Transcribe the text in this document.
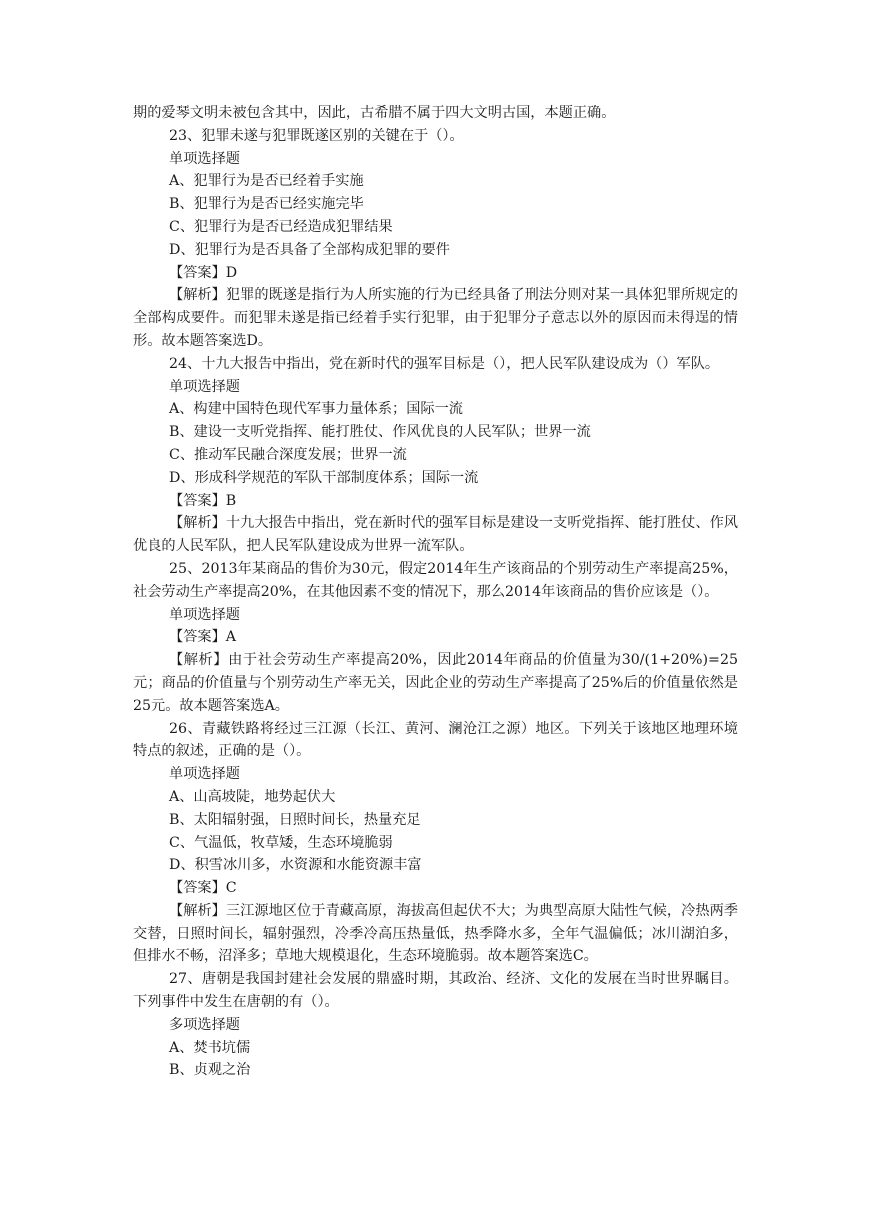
期的爱琴文明未被包含其中，因此，古希腊不属于四大文明古国，本题正确。

23、犯罪未遂与犯罪既遂区别的关键在于（）。

单项选择题

A、犯罪行为是否已经着手实施

B、犯罪行为是否已经实施完毕

C、犯罪行为是否已经造成犯罪结果

D、犯罪行为是否具备了全部构成犯罪的要件

【答案】D

【解析】犯罪的既遂是指行为人所实施的行为已经具备了刑法分则对某一具体犯罪所规定的全部构成要件。而犯罪未遂是指已经着手实行犯罪，由于犯罪分子意志以外的原因而未得逞的情形。故本题答案选D。

24、十九大报告中指出，党在新时代的强军目标是（），把人民军队建设成为（）军队。

单项选择题

A、构建中国特色现代军事力量体系；国际一流

B、建设一支听党指挥、能打胜仗、作风优良的人民军队；世界一流

C、推动军民融合深度发展；世界一流

D、形成科学规范的军队干部制度体系；国际一流

【答案】B

【解析】十九大报告中指出，党在新时代的强军目标是建设一支听党指挥、能打胜仗、作风优良的人民军队，把人民军队建设成为世界一流军队。

25、2013年某商品的售价为30元，假定2014年生产该商品的个别劳动生产率提高25%，社会劳动生产率提高20%，在其他因素不变的情况下，那么2014年该商品的售价应该是（）。

单项选择题

【答案】A

【解析】由于社会劳动生产率提高20%，因此2014年商品的价值量为30/(1+20%)=25元；商品的价值量与个别劳动生产率无关，因此企业的劳动生产率提高了25%后的价值量依然是25元。故本题答案选A。

26、青藏铁路将经过三江源（长江、黄河、澜沧江之源）地区。下列关于该地区地理环境特点的叙述，正确的是（）。

单项选择题

A、山高坡陡，地势起伏大

B、太阳辐射强，日照时间长，热量充足

C、气温低，牧草矮，生态环境脆弱

D、积雪冰川多，水资源和水能资源丰富

【答案】C

【解析】三江源地区位于青藏高原，海拔高但起伏不大；为典型高原大陆性气候，冷热两季交替，日照时间长，辐射强烈，冷季冷高压热量低，热季降水多，全年气温偏低；冰川湖泊多，但排水不畅，沼泽多；草地大规模退化，生态环境脆弱。故本题答案选C。

27、唐朝是我国封建社会发展的鼎盛时期，其政治、经济、文化的发展在当时世界瞩目。下列事件中发生在唐朝的有（）。

多项选择题

A、焚书坑儒

B、贞观之治
